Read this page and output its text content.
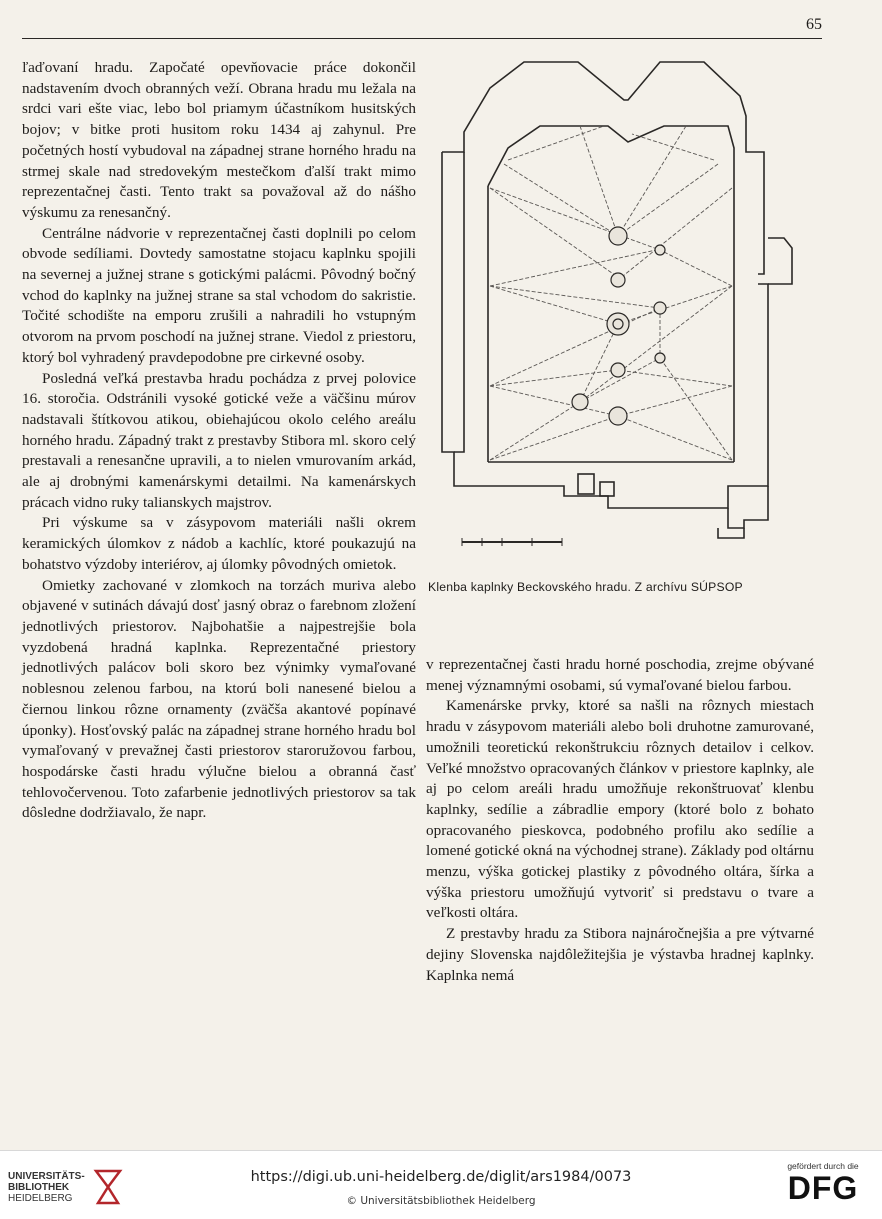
65

ľaďovaní hradu. Započaté opevňovacie práce dokončil nadstavením dvoch obranných veží. Obrana hradu mu ležala na srdci vari ešte viac, lebo bol priamym účastníkom husitských bojov; v bitke proti husitom roku 1434 aj zahynul. Pre početných hostí vybudoval na západnej strane horného hradu na strmej skale nad stredovekým mestečkom ďalší trakt mimo reprezentačnej časti. Tento trakt sa považoval až do nášho výskumu za renesančný.

Centrálne nádvorie v reprezentačnej časti doplnili po celom obvode sedíliami. Dovtedy samostatne stojacu kaplnku spojili na severnej a južnej strane s gotickými palácmi. Pôvodný bočný vchod do kaplnky na južnej strane sa stal vchodom do sakristie. Točité schodište na emporu zrušili a nahradili ho vstupným otvorom na prvom poschodí na južnej strane. Viedol z priestoru, ktorý bol vyhradený pravdepodobne pre cirkevné osoby.

Posledná veľká prestavba hradu pochádza z prvej polovice 16. storočia. Odstránili vysoké gotické veže a väčšinu múrov nadstavali štítkovou atikou, obiehajúcou okolo celého areálu horného hradu. Západný trakt z prestavby Stibora ml. skoro celý prestavali a renesančne upravili, a to nielen vmurovaním arkád, ale aj drobnými kamenárskymi detailmi. Na kamenárskych prácach vidno ruky talianskych majstrov.

Pri výskume sa v zásypovom materiáli našli okrem keramických úlomkov z nádob a kachlíc, ktoré poukazujú na bohatstvo výzdoby interiérov, aj úlomky pôvodných omietok.

Omietky zachované v zlomkoch na torzách muriva alebo objavené v sutinách dávajú dosť jasný obraz o farebnom zložení jednotlivých priestorov. Najbohatšie a najpestrejšie bola vyzdobená hradná kaplnka. Reprezentačné priestory jednotlivých palácov boli skoro bez výnimky vymaľované noblesnou zelenou farbou, na ktorú boli nanesené bielou a čiernou linkou rôzne ornamenty (zväčša akantové popínavé úponky). Hosťovský palác na západnej strane horného hradu bol vymaľovaný v prevažnej časti priestorov staroružovou farbou, hospodárske časti hradu výlučne bielou a obranná časť tehlovočervenou. Toto zafarbenie jednotlivých priestorov sa tak dôsledne dodržiavalo, že napr.

Klenba kaplnky Beckovského hradu. Z archívu SÚPSOP

v reprezentačnej časti hradu horné poschodia, zrejme obývané menej významnými osobami, sú vymaľované bielou farbou.

Kamenárske prvky, ktoré sa našli na rôznych miestach hradu v zásypovom materiáli alebo boli druhotne zamurované, umožnili teoretickú rekonštrukciu rôznych detailov i celkov. Veľké množstvo opracovaných článkov v priestore kaplnky, ale aj po celom areáli hradu umožňuje rekonštruovať klenbu kaplnky, sedílie a zábradlie empory (ktoré bolo z bohato opracovaného pieskovca, podobného profilu ako sedílie a lomené gotické okná na východnej strane). Základy pod oltárnu menzu, výška gotickej plastiky z pôvodného oltára, šírka a výška priestoru umožňujú vytvoriť si predstavu o tvare a veľkosti oltára.

Z prestavby hradu za Stibora najnáročnejšia a pre výtvarné dejiny Slovenska najdôležitejšia je výstavba hradnej kaplnky. Kaplnka nemá

UNIVERSITÄTS-
BIBLIOTHEK
HEIDELBERG
https://digi.ub.uni-heidelberg.de/diglit/ars1984/0073
© Universitätsbibliothek Heidelberg
gefördert durch die
DFG
